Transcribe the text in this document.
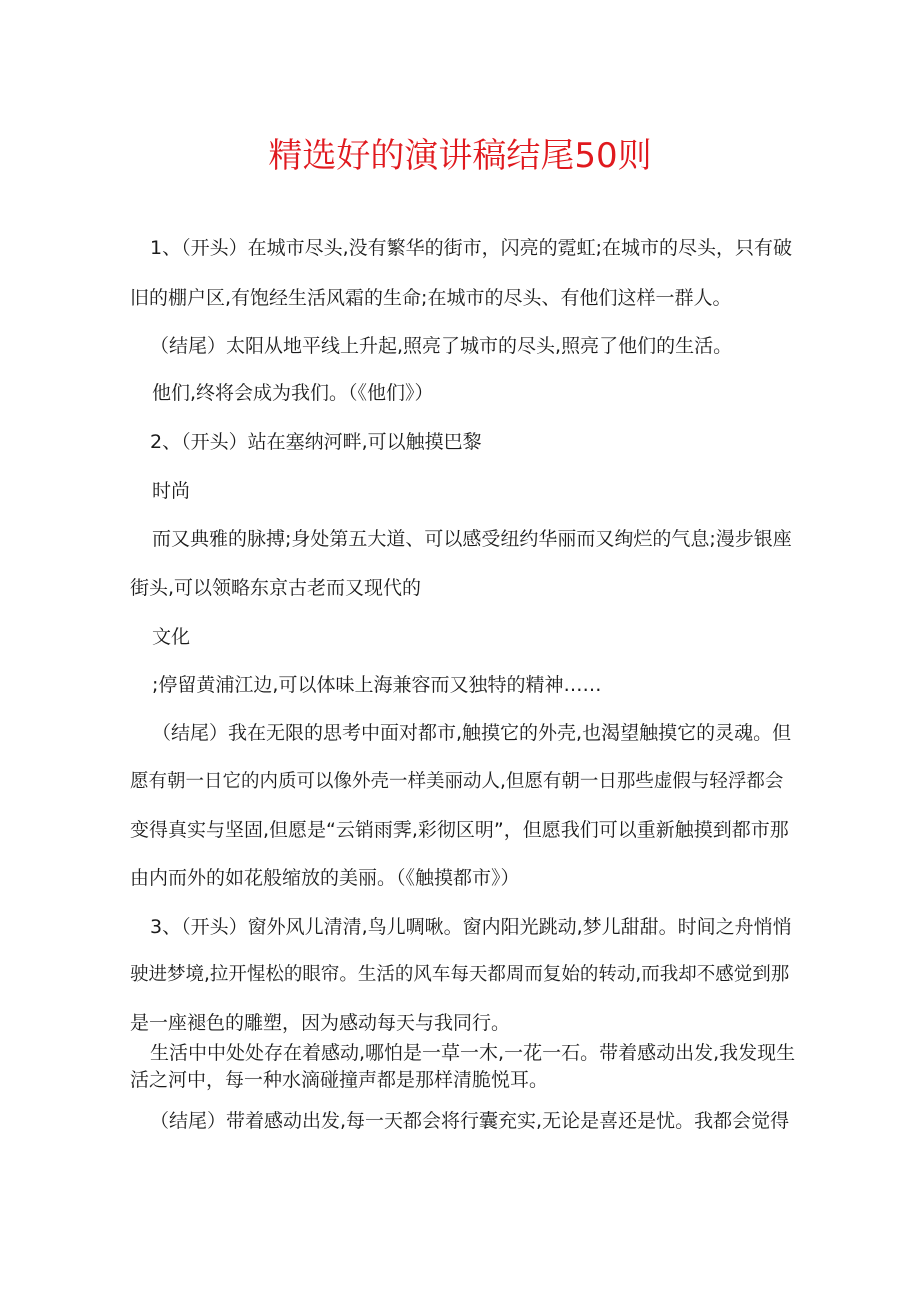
精选好的演讲稿结尾50则
1、（开头）在城市尽头,没有繁华的街市，闪亮的霓虹;在城市的尽头，只有破
旧的棚户区,有饱经生活风霜的生命;在城市的尽头、有他们这样一群人。
（结尾）太阳从地平线上升起,照亮了城市的尽头,照亮了他们的生活。
他们,终将会成为我们。（《他们》）
2、（开头）站在塞纳河畔,可以触摸巴黎
时尚
而又典雅的脉搏;身处第五大道、可以感受纽约华丽而又绚烂的气息;漫步银座
街头,可以领略东京古老而又现代的
文化
;停留黄浦江边,可以体味上海兼容而又独特的精神……
（结尾）我在无限的思考中面对都市,触摸它的外壳,也渴望触摸它的灵魂。但
愿有朝一日它的内质可以像外壳一样美丽动人,但愿有朝一日那些虚假与轻浮都会
变得真实与坚固,但愿是“云销雨霁,彩彻区明”，但愿我们可以重新触摸到都市那
由内而外的如花般缩放的美丽。（《触摸都市》）
3、（开头）窗外风儿清清,鸟儿啁啾。窗内阳光跳动,梦儿甜甜。时间之舟悄悄
驶进梦境,拉开惺松的眼帘。生活的风车每天都周而复始的转动,而我却不感觉到那
是一座褪色的雕塑，因为感动每天与我同行。
生活中中处处存在着感动,哪怕是一草一木,一花一石。带着感动出发,我发现生
活之河中，每一种水滴碰撞声都是那样清脆悦耳。
（结尾）带着感动出发,每一天都会将行囊充实,无论是喜还是忧。我都会觉得
